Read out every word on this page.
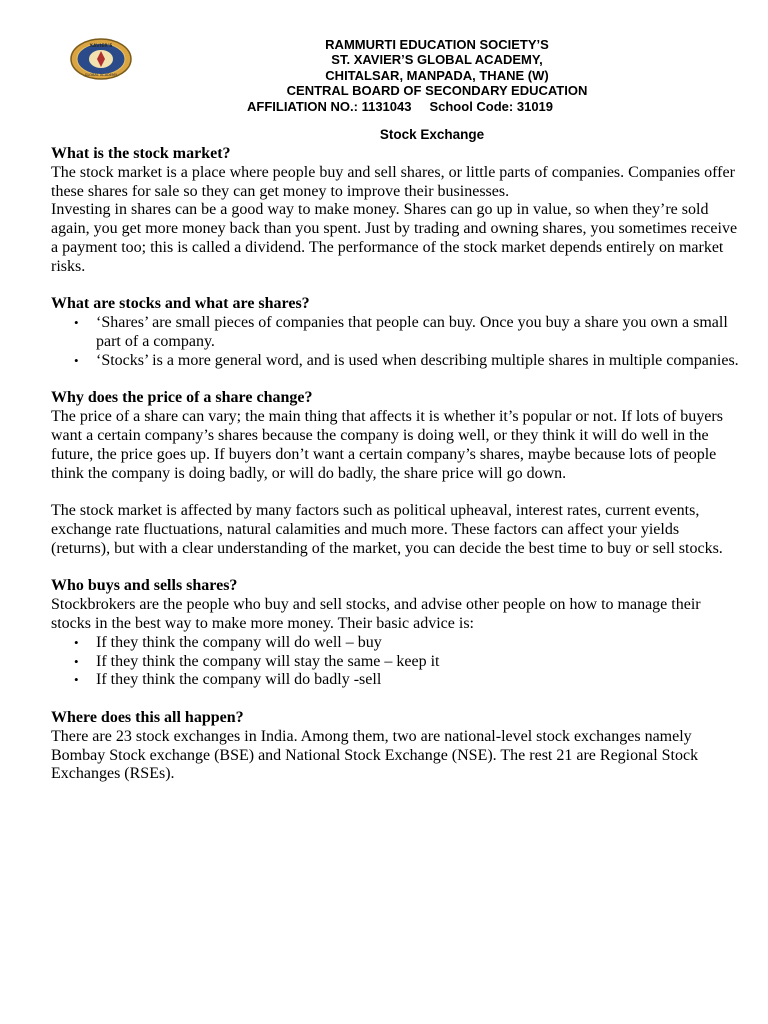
XAVIER'S
GLOBAL ACADEMY
RAMMURTI EDUCATION SOCIETY’S
ST. XAVIER’S GLOBAL ACADEMY,
CHITALSAR, MANPADA, THANE (W)
CENTRAL BOARD OF SECONDARY EDUCATION
AFFILIATION NO.: 1131043 School Code: 31019
Stock Exchange
What is the stock market?

The stock market is a place where people buy and sell shares, or little parts of companies. Companies offer these shares for sale so they can get money to improve their businesses.

Investing in shares can be a good way to make money. Shares can go up in value, so when they’re sold again, you get more money back than you spent. Just by trading and owning shares, you sometimes receive a payment too; this is called a dividend. The performance of the stock market depends entirely on market risks.

What are stocks and what are shares?
• ‘Shares’ are small pieces of companies that people can buy. Once you buy a share you own a small part of a company.
• ‘Stocks’ is a more general word, and is used when describing multiple shares in multiple companies.
Why does the price of a share change?

The price of a share can vary; the main thing that affects it is whether it’s popular or not. If lots of buyers want a certain company’s shares because the company is doing well, or they think it will do well in the future, the price goes up. If buyers don’t want a certain company’s shares, maybe because lots of people think the company is doing badly, or will do badly, the share price will go down.

The stock market is affected by many factors such as political upheaval, interest rates, current events, exchange rate fluctuations, natural calamities and much more. These factors can affect your yields (returns), but with a clear understanding of the market, you can decide the best time to buy or sell stocks.

Who buys and sells shares?

Stockbrokers are the people who buy and sell stocks, and advise other people on how to manage their stocks in the best way to make more money. Their basic advice is:

• If they think the company will do well – buy
• If they think the company will stay the same – keep it
• If they think the company will do badly -sell
Where does this all happen?

There are 23 stock exchanges in India. Among them, two are national-level stock exchanges namely Bombay Stock exchange (BSE) and National Stock Exchange (NSE). The rest 21 are Regional Stock Exchanges (RSEs).
